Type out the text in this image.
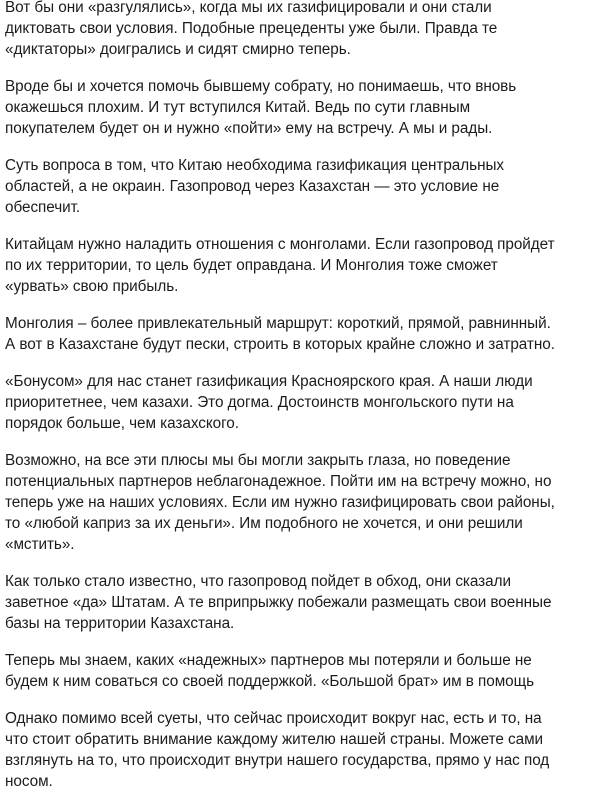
Вот бы они «разгулялись», когда мы их газифицировали и они стали
диктовать свои условия. Подобные прецеденты уже были. Правда те
«диктаторы» доигрались и сидят смирно теперь.

Вроде бы и хочется помочь бывшему собрату, но понимаешь, что вновь
окажешься плохим. И тут вступился Китай. Ведь по сути главным
покупателем будет он и нужно «пойти» ему на встречу. А мы и рады.

Суть вопроса в том, что Китаю необходима газификация центральных
областей, а не окраин. Газопровод через Казахстан — это условие не
обеспечит.

Китайцам нужно наладить отношения с монголами. Если газопровод пройдет
по их территории, то цель будет оправдана. И Монголия тоже сможет
«урвать» свою прибыль.

Монголия – более привлекательный маршрут: короткий, прямой, равнинный.
А вот в Казахстане будут пески, строить в которых крайне сложно и затратно.

«Бонусом» для нас станет газификация Красноярского края. А наши люди
приоритетнее, чем казахи. Это догма. Достоинств монгольского пути на
порядок больше, чем казахского.

Возможно, на все эти плюсы мы бы могли закрыть глаза, но поведение
потенциальных партнеров неблагонадежное. Пойти им на встречу можно, но
теперь уже на наших условиях. Если им нужно газифицировать свои районы,
то «любой каприз за их деньги». Им подобного не хочется, и они решили
«мстить».

Как только стало известно, что газопровод пойдет в обход, они сказали
заветное «да» Штатам. А те вприпрыжку побежали размещать свои военные
базы на территории Казахстана.

Теперь мы знаем, каких «надежных» партнеров мы потеряли и больше не
будем к ним соваться со своей поддержкой. «Большой брат» им в помощь

Однако помимо всей суеты, что сейчас происходит вокруг нас, есть и то, на
что стоит обратить внимание каждому жителю нашей страны. Можете сами
взглянуть на то, что происходит внутри нашего государства, прямо у нас под
носом.
